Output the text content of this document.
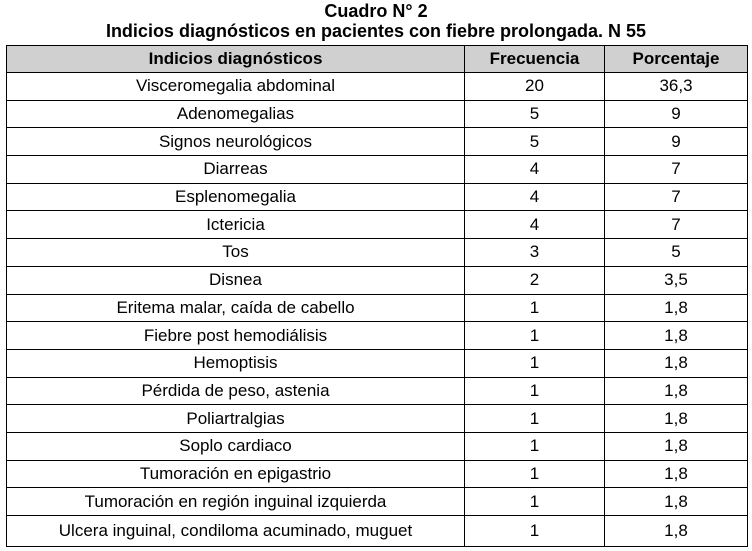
Cuadro N° 2
Indicios diagnósticos en pacientes con fiebre prolongada. N 55
Indicios diagnósticos	Frecuencia	Porcentaje
Visceromegalia abdominal	20	36,3
Adenomegalias	5	9
Signos neurológicos	5	9
Diarreas	4	7
Esplenomegalia	4	7
Ictericia	4	7
Tos	3	5
Disnea	2	3,5
Eritema malar, caída de cabello	1	1,8
Fiebre post hemodiálisis	1	1,8
Hemoptisis	1	1,8
Pérdida de peso, astenia	1	1,8
Poliartralgias	1	1,8
Soplo cardiaco	1	1,8
Tumoración en epigastrio	1	1,8
Tumoración en región inguinal izquierda	1	1,8
Ulcera inguinal, condiloma acuminado, muguet	1	1,8
